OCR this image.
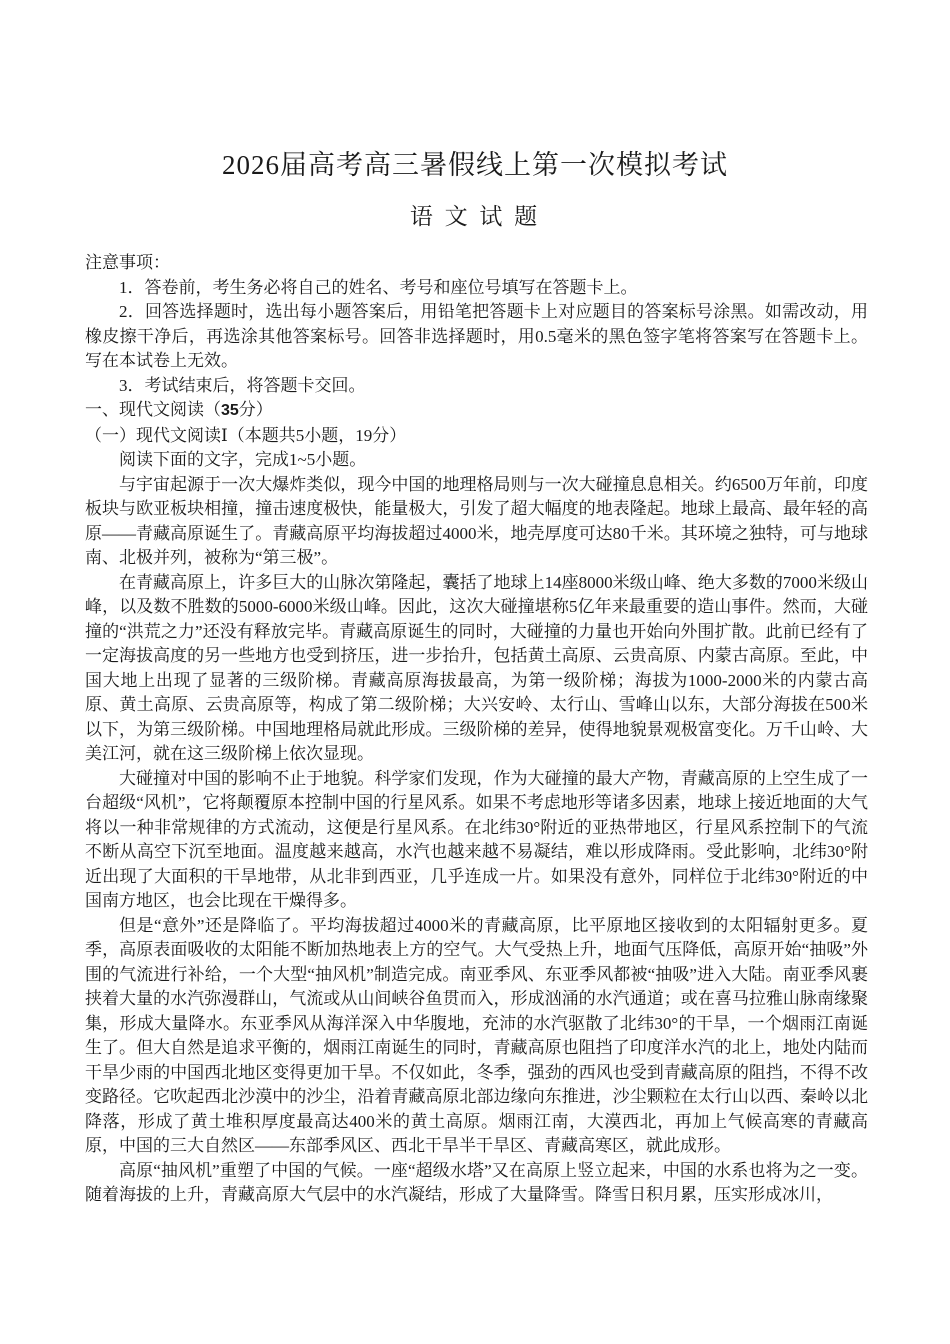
2026届高考高三暑假线上第一次模拟考试
语 文 试 题

注意事项：

1．答卷前，考生务必将自己的姓名、考号和座位号填写在答题卡上。

2．回答选择题时，选出每小题答案后，用铅笔把答题卡上对应题目的答案标号涂黑。如需改动，用橡皮擦干净后，再选涂其他答案标号。回答非选择题时，用0.5毫米的黑色签字笔将答案写在答题卡上。写在本试卷上无效。

3．考试结束后，将答题卡交回。

一、现代文阅读（35分）

（一）现代文阅读Ⅰ（本题共5小题，19分）

阅读下面的文字，完成1~5小题。

与宇宙起源于一次大爆炸类似，现今中国的地理格局则与一次大碰撞息息相关。约6500万年前，印度板块与欧亚板块相撞，撞击速度极快，能量极大，引发了超大幅度的地表隆起。地球上最高、最年轻的高原——青藏高原诞生了。青藏高原平均海拔超过4000米，地壳厚度可达80千米。其环境之独特，可与地球南、北极并列，被称为“第三极”。

在青藏高原上，许多巨大的山脉次第隆起，囊括了地球上14座8000米级山峰、绝大多数的7000米级山峰，以及数不胜数的5000-6000米级山峰。因此，这次大碰撞堪称5亿年来最重要的造山事件。然而，大碰撞的“洪荒之力”还没有释放完毕。青藏高原诞生的同时，大碰撞的力量也开始向外围扩散。此前已经有了一定海拔高度的另一些地方也受到挤压，进一步抬升，包括黄土高原、云贵高原、内蒙古高原。至此，中国大地上出现了显著的三级阶梯。青藏高原海拔最高，为第一级阶梯；海拔为1000-2000米的内蒙古高原、黄土高原、云贵高原等，构成了第二级阶梯；大兴安岭、太行山、雪峰山以东，大部分海拔在500米以下，为第三级阶梯。中国地理格局就此形成。三级阶梯的差异，使得地貌景观极富变化。万千山岭、大美江河，就在这三级阶梯上依次显现。

大碰撞对中国的影响不止于地貌。科学家们发现，作为大碰撞的最大产物，青藏高原的上空生成了一台超级“风机”，它将颠覆原本控制中国的行星风系。如果不考虑地形等诸多因素，地球上接近地面的大气将以一种非常规律的方式流动，这便是行星风系。在北纬30°附近的亚热带地区，行星风系控制下的气流不断从高空下沉至地面。温度越来越高，水汽也越来越不易凝结，难以形成降雨。受此影响，北纬30°附近出现了大面积的干旱地带，从北非到西亚，几乎连成一片。如果没有意外，同样位于北纬30°附近的中国南方地区，也会比现在干燥得多。

但是“意外”还是降临了。平均海拔超过4000米的青藏高原，比平原地区接收到的太阳辐射更多。夏季，高原表面吸收的太阳能不断加热地表上方的空气。大气受热上升，地面气压降低，高原开始“抽吸”外围的气流进行补给，一个大型“抽风机”制造完成。南亚季风、东亚季风都被“抽吸”进入大陆。南亚季风裹挟着大量的水汽弥漫群山，气流或从山间峡谷鱼贯而入，形成汹涌的水汽通道；或在喜马拉雅山脉南缘聚集，形成大量降水。东亚季风从海洋深入中华腹地，充沛的水汽驱散了北纬30°的干旱，一个烟雨江南诞生了。但大自然是追求平衡的，烟雨江南诞生的同时，青藏高原也阻挡了印度洋水汽的北上，地处内陆而干旱少雨的中国西北地区变得更加干旱。不仅如此，冬季，强劲的西风也受到青藏高原的阻挡，不得不改变路径。它吹起西北沙漠中的沙尘，沿着青藏高原北部边缘向东推进，沙尘颗粒在太行山以西、秦岭以北降落，形成了黄土堆积厚度最高达400米的黄土高原。烟雨江南，大漠西北，再加上气候高寒的青藏高原，中国的三大自然区——东部季风区、西北干旱半干旱区、青藏高寒区，就此成形。

高原“抽风机”重塑了中国的气候。一座“超级水塔”又在高原上竖立起来，中国的水系也将为之一变。随着海拔的上升，青藏高原大气层中的水汽凝结，形成了大量降雪。降雪日积月累，压实形成冰川，
